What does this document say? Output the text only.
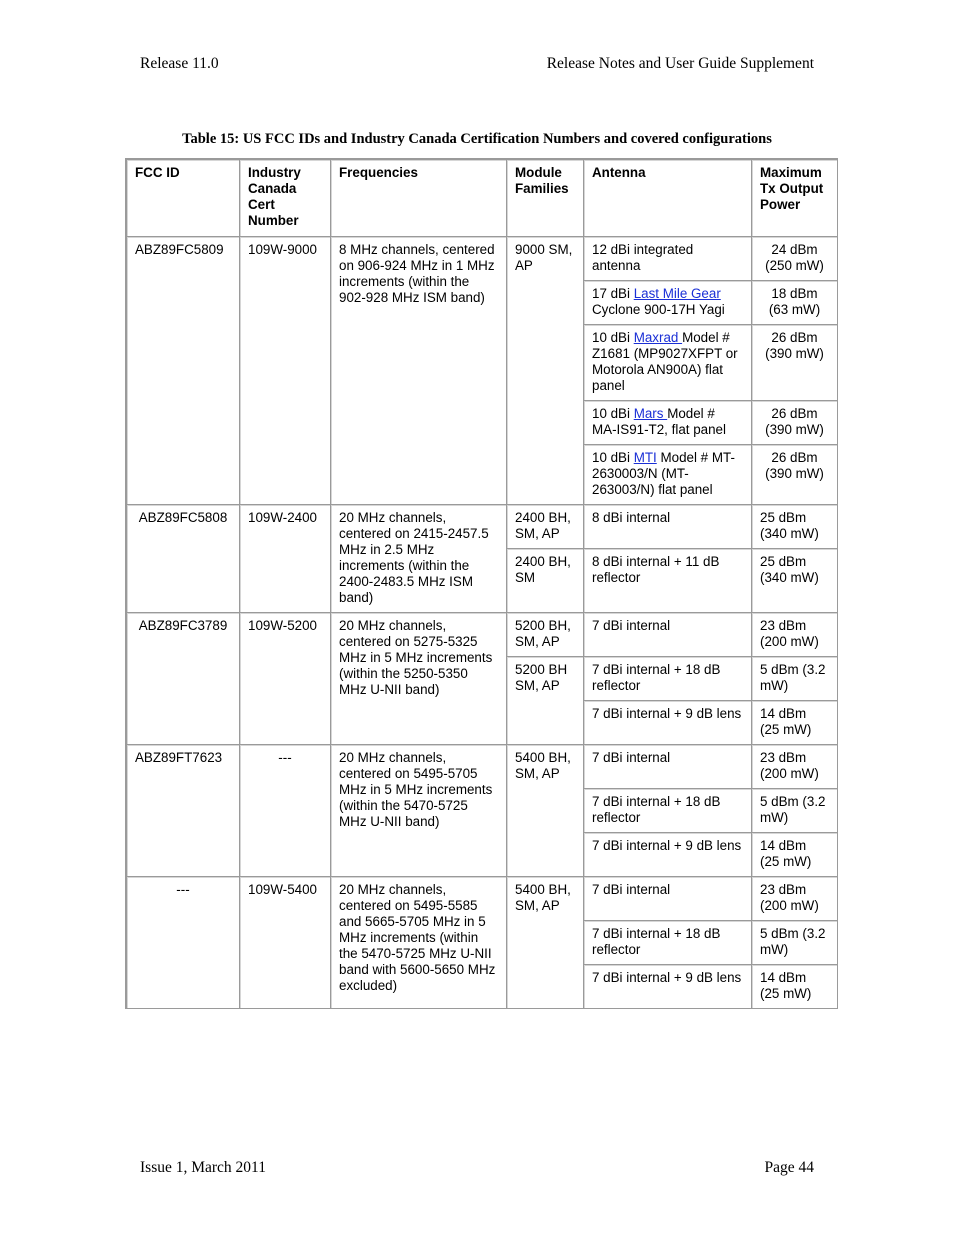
Release 11.0	Release Notes and User Guide Supplement
Table 15: US FCC IDs and Industry Canada Certification Numbers and covered configurations
FCC ID	Industry Canada Cert Number	Frequencies	Module Families	Antenna	Maximum Tx Output Power
ABZ89FC5809	109W-9000	8 MHz channels, centered on 906-924 MHz in 1 MHz increments (within the 902-928 MHz ISM band)	9000 SM, AP	12 dBi integrated antenna	24 dBm (250 mW)
				17 dBi Last Mile Gear Cyclone 900-17H Yagi	18 dBm (63 mW)
				10 dBi Maxrad Model # Z1681 (MP9027XFPT or Motorola AN900A) flat panel	26 dBm (390 mW)
				10 dBi Mars Model # MA-IS91-T2, flat panel	26 dBm (390 mW)
				10 dBi MTI Model # MT-2630003/N (MT-263003/N) flat panel	26 dBm (390 mW)
ABZ89FC5808	109W-2400	20 MHz channels, centered on 2415-2457.5 MHz in 2.5 MHz increments (within the 2400-2483.5 MHz ISM band)	2400 BH, SM, AP	8 dBi internal	25 dBm (340 mW)
			2400 BH, SM	8 dBi internal + 11 dB reflector	25 dBm (340 mW)
ABZ89FC3789	109W-5200	20 MHz channels, centered on 5275-5325 MHz in 5 MHz increments (within the 5250-5350 MHz U-NII band)	5200 BH, SM, AP	7 dBi internal	23 dBm (200 mW)
			5200 BH SM, AP	7 dBi internal + 18 dB reflector	5 dBm (3.2 mW)
				7 dBi internal + 9 dB lens	14 dBm (25 mW)
ABZ89FT7623	---	20 MHz channels, centered on 5495-5705 MHz in 5 MHz increments (within the 5470-5725 MHz U-NII band)	5400 BH, SM, AP	7 dBi internal	23 dBm (200 mW)
				7 dBi internal + 18 dB reflector	5 dBm (3.2 mW)
				7 dBi internal + 9 dB lens	14 dBm (25 mW)
---	109W-5400	20 MHz channels, centered on 5495-5585 and 5665-5705 MHz in 5 MHz increments (within the 5470-5725 MHz U-NII band with 5600-5650 MHz excluded)	5400 BH, SM, AP	7 dBi internal	23 dBm (200 mW)
				7 dBi internal + 18 dB reflector	5 dBm (3.2 mW)
				7 dBi internal + 9 dB lens	14 dBm (25 mW)
Issue 1, March 2011	Page 44
